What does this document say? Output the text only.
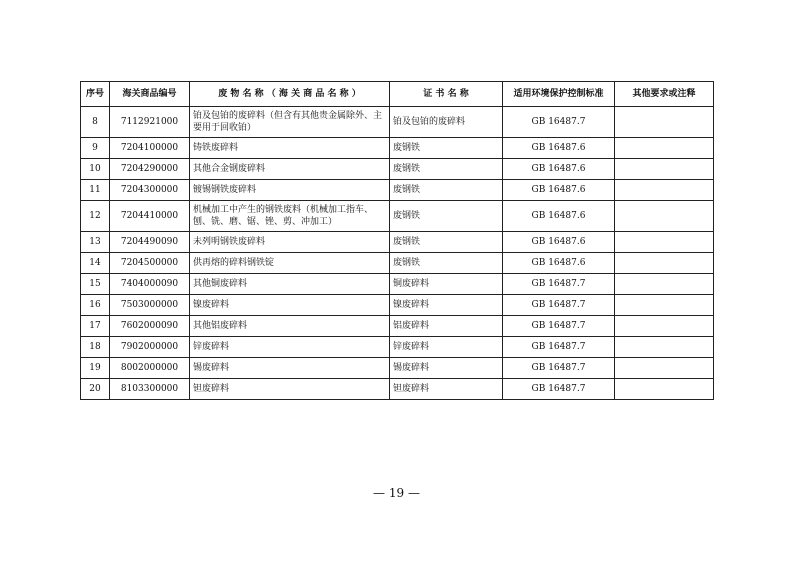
序号	海关商品编号	废 物 名 称 （ 海 关 商 品 名 称 ）	证 书 名 称	适用环境保护控制标准	其他要求或注释
8	7112921000	铂及包铂的废碎料（但含有其他贵金属除外、主要用于回收铂）	铂及包铂的废碎料	GB 16487.7	
9	7204100000	铸铁废碎料	废钢铁	GB 16487.6	
10	7204290000	其他合金钢废碎料	废钢铁	GB 16487.6	
11	7204300000	镀锡钢铁废碎料	废钢铁	GB 16487.6	
12	7204410000	机械加工中产生的钢铁废料（机械加工指车、刨、铣、磨、锯、锉、剪、冲加工）	废钢铁	GB 16487.6	
13	7204490090	未列明钢铁废碎料	废钢铁	GB 16487.6	
14	7204500000	供再熔的碎料钢铁锭	废钢铁	GB 16487.6	
15	7404000090	其他铜废碎料	铜废碎料	GB 16487.7	
16	7503000000	镍废碎料	镍废碎料	GB 16487.7	
17	7602000090	其他铝废碎料	铝废碎料	GB 16487.7	
18	7902000000	锌废碎料	锌废碎料	GB 16487.7	
19	8002000000	锡废碎料	锡废碎料	GB 16487.7	
20	8103300000	钽废碎料	钽废碎料	GB 16487.7	
— 19 —
